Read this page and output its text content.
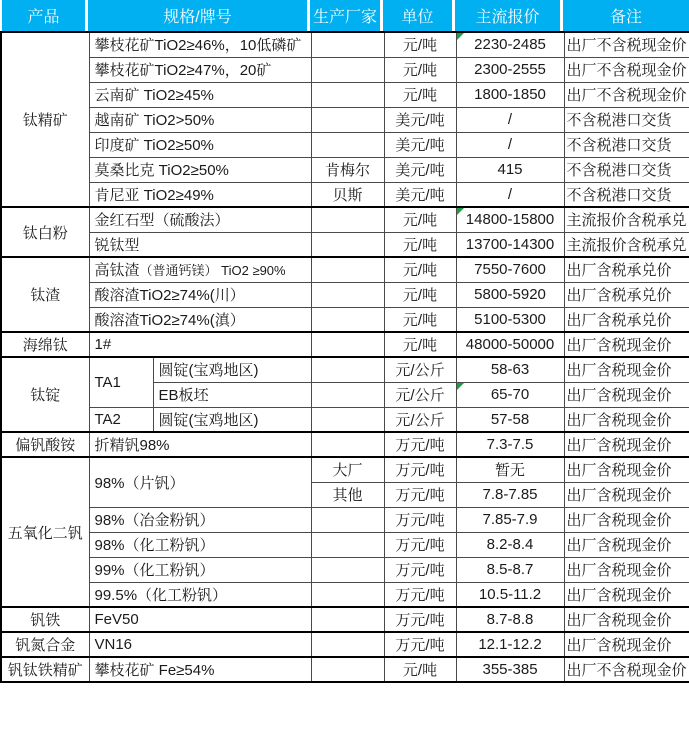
产品	规格/牌号	生产厂家	单位	主流报价	备注
钛精矿	攀枝花矿TiO2≥46%，10低磷矿			元/吨	2230-2485	出厂不含税现金价
	攀枝花矿TiO2≥47%，20矿			元/吨	2300-2555	出厂不含税现金价
	云南矿 TiO2≥45%			元/吨	1800-1850	出厂不含税现金价
	越南矿 TiO2>50%			美元/吨	/	不含税港口交货
	印度矿 TiO2≥50%			美元/吨	/	不含税港口交货
	莫桑比克 TiO2≥50%		肯梅尔	美元/吨	415	不含税港口交货
	肯尼亚 TiO2≥49%		贝斯	美元/吨	/	不含税港口交货
钛白粉	金红石型（硫酸法）			元/吨	14800-15800	主流报价含税承兑
	锐钛型			元/吨	13700-14300	主流报价含税承兑
钛渣	高钛渣（普通钙镁） TiO2 ≥90%			元/吨	7550-7600	出厂含税承兑价
	酸溶渣TiO2≥74%(川）			元/吨	5800-5920	出厂含税承兑价
	酸溶渣TiO2≥74%(滇）			元/吨	5100-5300	出厂含税承兑价
海绵钛	1#			元/吨	48000-50000	出厂含税现金价
钛锭	TA1	圆锭(宝鸡地区)		元/公斤	58-63	出厂含税现金价
		EB板坯		元/公斤	65-70	出厂含税现金价
	TA2	圆锭(宝鸡地区)		元/公斤	57-58	出厂含税现金价
偏钒酸铵	折精钒98%			万元/吨	7.3-7.5	出厂含税现金价
五氧化二钒	98%（片钒）		大厂	万元/吨	暂无	出厂含税现金价
			其他	万元/吨	7.8-7.85	出厂含税现金价
	98%（冶金粉钒）			万元/吨	7.85-7.9	出厂含税现金价
	98%（化工粉钒）			万元/吨	8.2-8.4	出厂含税现金价
	99%（化工粉钒）			万元/吨	8.5-8.7	出厂含税现金价
	99.5%（化工粉钒）			万元/吨	10.5-11.2	出厂含税现金价
钒铁	FeV50			万元/吨	8.7-8.8	出厂含税现金价
钒氮合金	VN16			万元/吨	12.1-12.2	出厂含税现金价
钒钛铁精矿	攀枝花矿 Fe≥54%			元/吨	355-385	出厂不含税现金价
